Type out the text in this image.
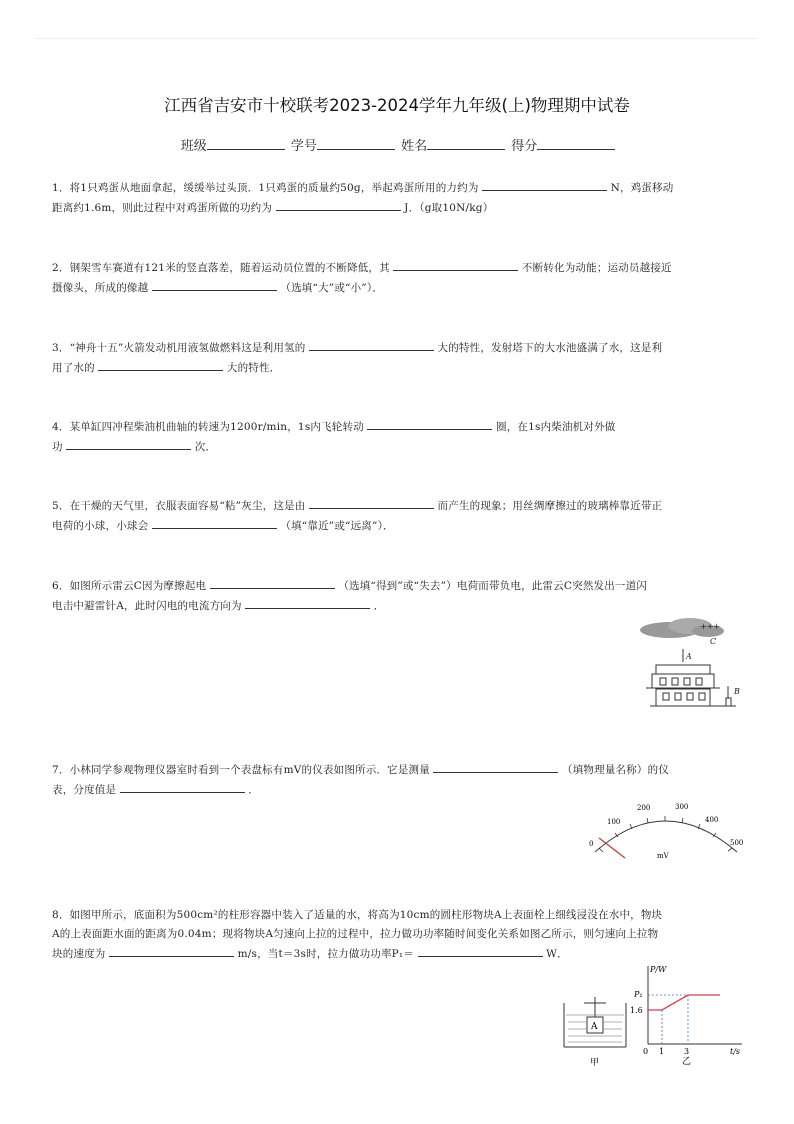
江西省吉安市十校联考2023-2024学年九年级(上)物理期中试卷
班级	学号	姓名	得分
1．将1只鸡蛋从地面拿起，缓缓举过头顶．1只鸡蛋的质量约50g，举起鸡蛋所用的力约为	N，鸡蛋移动
距离约1.6m，则此过程中对鸡蛋所做的功约为	J．（g取10N/kg）
2．钢架雪车赛道有121米的竖直落差，随着运动员位置的不断降低，其	不断转化为动能；运动员越接近
摄像头，所成的像越	（选填“大”或“小”）．
3．“神舟十五”火箭发动机用液氢做燃料这是利用氢的	大的特性，发射塔下的大水池盛满了水，这是利
用了水的	大的特性．
4．某单缸四冲程柴油机曲轴的转速为1200r/min，1s内飞轮转动	圈，在1s内柴油机对外做
功	次．
5．在干燥的天气里，衣服表面容易“粘”灰尘，这是由	而产生的现象；用丝绸摩擦过的玻璃棒靠近带正
电荷的小球，小球会	（填“靠近”或“远离”）．
6．如图所示雷云C因为摩擦起电	（选填“得到”或“失去”）电荷而带负电，此雷云C突然发出一道闪
电击中避雷针A，此时闪电的电流方向为	．
+++
C
A
B
7．小林同学参观物理仪器室时看到一个表盘标有mV的仪表如图所示．它是测量	（填物理量名称）的仪
表，分度值是	．
0
100
200	300
400
500
mV
8．如图甲所示，底面积为500cm²的柱形容器中装入了适量的水，将高为10cm的圆柱形物块A上表面栓上细线浸没在水中，物块
A的上表面距水面的距离为0.04m；现将物块A匀速向上拉的过程中，拉力做功功率随时间变化关系如图乙所示，则匀速向上拉物
块的速度为	m/s，当t＝3s时，拉力做功功率P₁＝	W．
A
甲
P/W
t/s
P₁
1.6
0 1 3
乙
